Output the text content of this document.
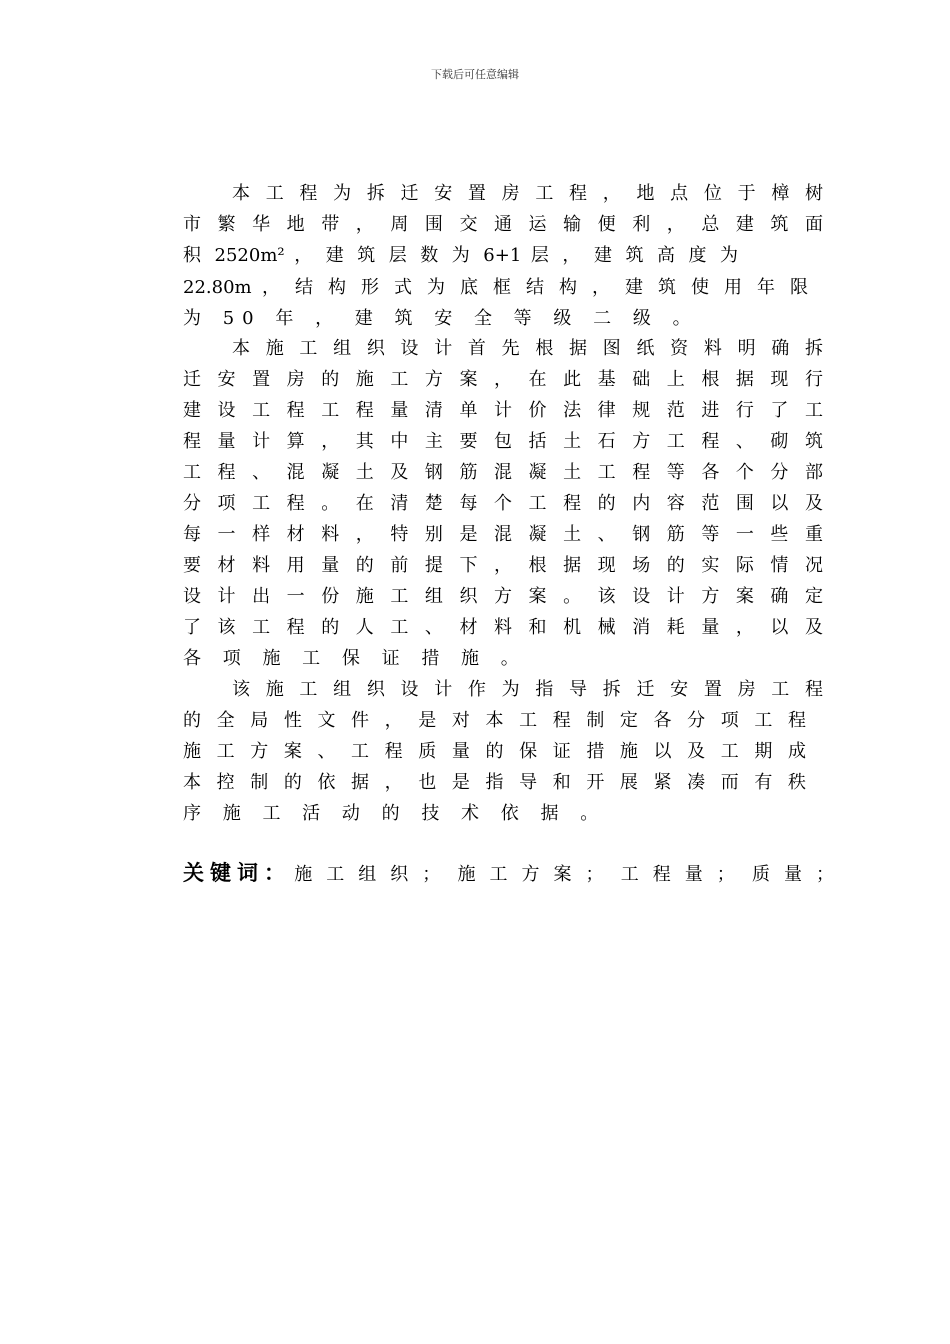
下载后可任意编辑
本 工 程 为 拆 迁 安 置 房 工 程 ， 地 点 位 于 樟 树
市 繁 华 地 带 ， 周 围 交 通 运 输 便 利 ， 总 建 筑 面
积 2520m² ， 建 筑 层 数 为 6+1 层 ， 建 筑 高 度 为
22.80m ， 结 构 形 式 为 底 框 结 构 ， 建 筑 使 用 年 限
为 50 年 ， 建 筑 安 全 等 级 二 级 。
本 施 工 组 织 设 计 首 先 根 据 图 纸 资 料 明 确 拆
迁 安 置 房 的 施 工 方 案 ， 在 此 基 础 上 根 据 现 行
建 设 工 程 工 程 量 清 单 计 价 法 律 规 范 进 行 了 工
程 量 计 算 ， 其 中 主 要 包 括 土 石 方 工 程 、 砌 筑
工 程 、 混 凝 土 及 钢 筋 混 凝 土 工 程 等 各 个 分 部
分 项 工 程 。 在 清 楚 每 个 工 程 的 内 容 范 围 以 及
每 一 样 材 料 ， 特 别 是 混 凝 土 、 钢 筋 等 一 些 重
要 材 料 用 量 的 前 提 下 ， 根 据 现 场 的 实 际 情 况
设 计 出 一 份 施 工 组 织 方 案 。 该 设 计 方 案 确 定
了 该 工 程 的 人 工 、 材 料 和 机 械 消 耗 量 ， 以 及
各 项 施 工 保 证 措 施 。
该 施 工 组 织 设 计 作 为 指 导 拆 迁 安 置 房 工 程
的 全 局 性 文 件 ， 是 对 本 工 程 制 定 各 分 项 工 程
施 工 方 案 、 工 程 质 量 的 保 证 措 施 以 及 工 期 成
本 控 制 的 依 据 ， 也 是 指 导 和 开 展 紧 凑 而 有 秩
序 施 工 活 动 的 技 术 依 据 。
关键词： 施工组织； 施工方案； 工程量； 质量；
